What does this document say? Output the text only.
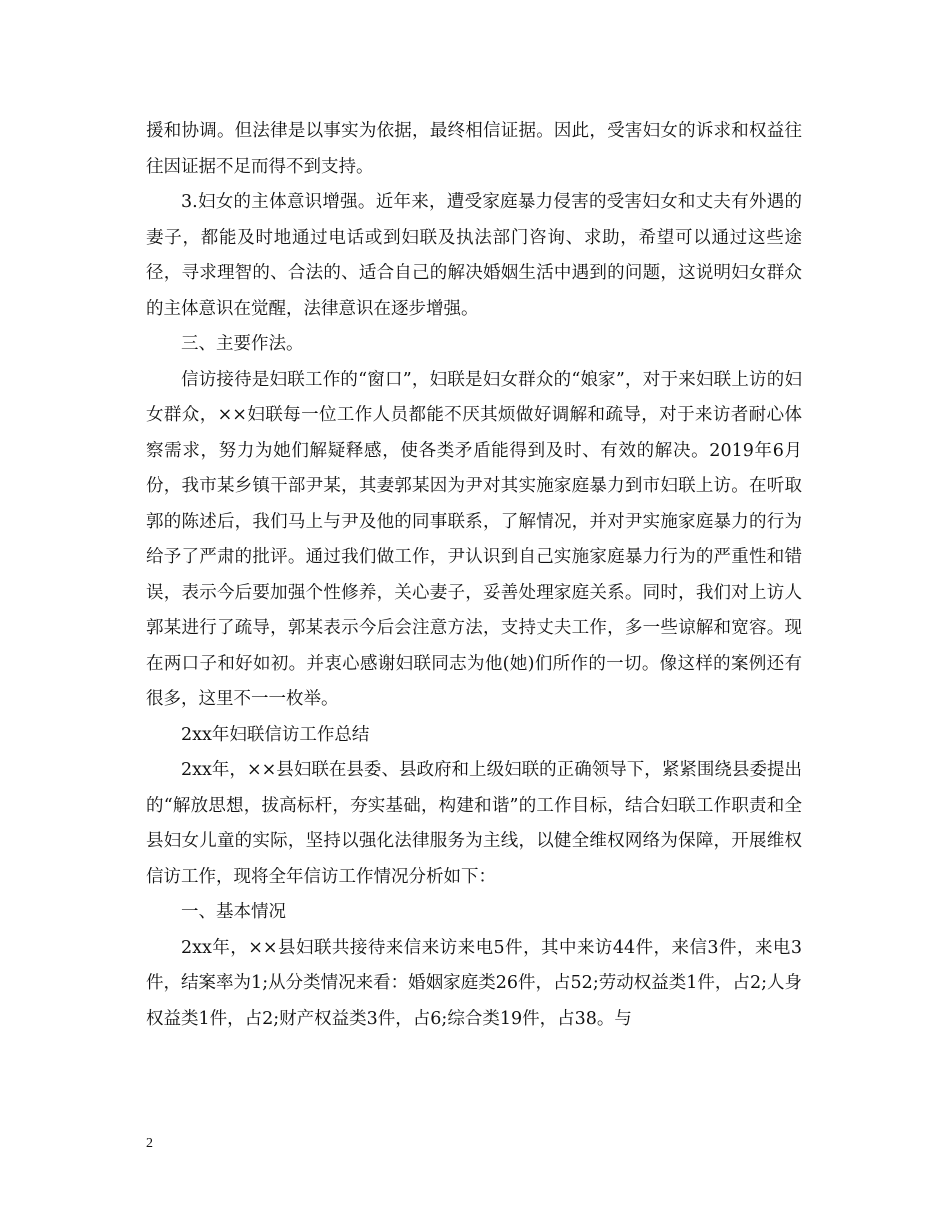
援和协调。但法律是以事实为依据，最终相信证据。因此，受害妇女的诉求和权益往往因证据不足而得不到支持。

3.妇女的主体意识增强。近年来，遭受家庭暴力侵害的受害妇女和丈夫有外遇的妻子，都能及时地通过电话或到妇联及执法部门咨询、求助，希望可以通过这些途径，寻求理智的、合法的、适合自己的解决婚姻生活中遇到的问题，这说明妇女群众的主体意识在觉醒，法律意识在逐步增强。

三、主要作法。

信访接待是妇联工作的“窗口”，妇联是妇女群众的“娘家”，对于来妇联上访的妇女群众，××妇联每一位工作人员都能不厌其烦做好调解和疏导，对于来访者耐心体察需求，努力为她们解疑释感，使各类矛盾能得到及时、有效的解决。2019年6月份，我市某乡镇干部尹某，其妻郭某因为尹对其实施家庭暴力到市妇联上访。在听取郭的陈述后，我们马上与尹及他的同事联系，了解情况，并对尹实施家庭暴力的行为给予了严肃的批评。通过我们做工作，尹认识到自己实施家庭暴力行为的严重性和错误，表示今后要加强个性修养，关心妻子，妥善处理家庭关系。同时，我们对上访人郭某进行了疏导，郭某表示今后会注意方法，支持丈夫工作，多一些谅解和宽容。现在两口子和好如初。并衷心感谢妇联同志为他(她)们所作的一切。像这样的案例还有很多，这里不一一枚举。

2xx年妇联信访工作总结

2xx年，××县妇联在县委、县政府和上级妇联的正确领导下，紧紧围绕县委提出的“解放思想，拔高标杆，夯实基础，构建和谐”的工作目标，结合妇联工作职责和全县妇女儿童的实际，坚持以强化法律服务为主线，以健全维权网络为保障，开展维权信访工作，现将全年信访工作情况分析如下：

一、基本情况

2xx年，××县妇联共接待来信来访来电5件，其中来访44件，来信3件，来电3件，结案率为1;从分类情况来看：婚姻家庭类26件，占52;劳动权益类1件，占2;人身权益类1件，占2;财产权益类3件，占6;综合类19件，占38。与

2
